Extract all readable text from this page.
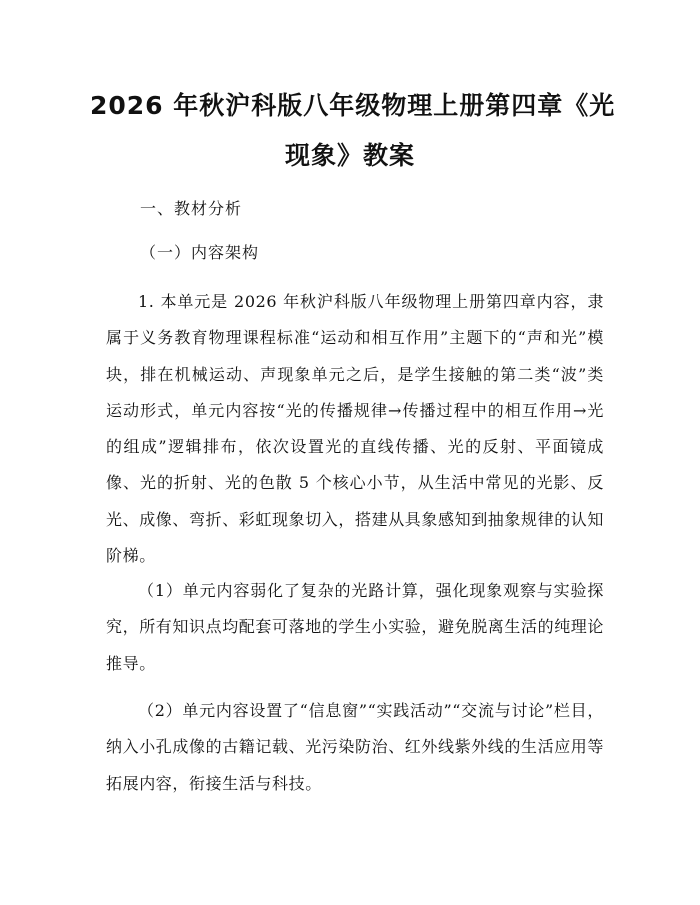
2026 年秋沪科版八年级物理上册第四章《光
现象》教案
一、教材分析
（一）内容架构
1. 本单元是 2026 年秋沪科版八年级物理上册第四章内容，隶属于义务教育物理课程标准“运动和相互作用”主题下的“声和光”模块，排在机械运动、声现象单元之后，是学生接触的第二类“波”类运动形式，单元内容按“光的传播规律→传播过程中的相互作用→光的组成”逻辑排布，依次设置光的直线传播、光的反射、平面镜成像、光的折射、光的色散 5 个核心小节，从生活中常见的光影、反光、成像、弯折、彩虹现象切入，搭建从具象感知到抽象规律的认知阶梯。
（1）单元内容弱化了复杂的光路计算，强化现象观察与实验探究，所有知识点均配套可落地的学生小实验，避免脱离生活的纯理论推导。
（2）单元内容设置了“信息窗”“实践活动”“交流与讨论”栏目，纳入小孔成像的古籍记载、光污染防治、红外线紫外线的生活应用等拓展内容，衔接生活与科技。
